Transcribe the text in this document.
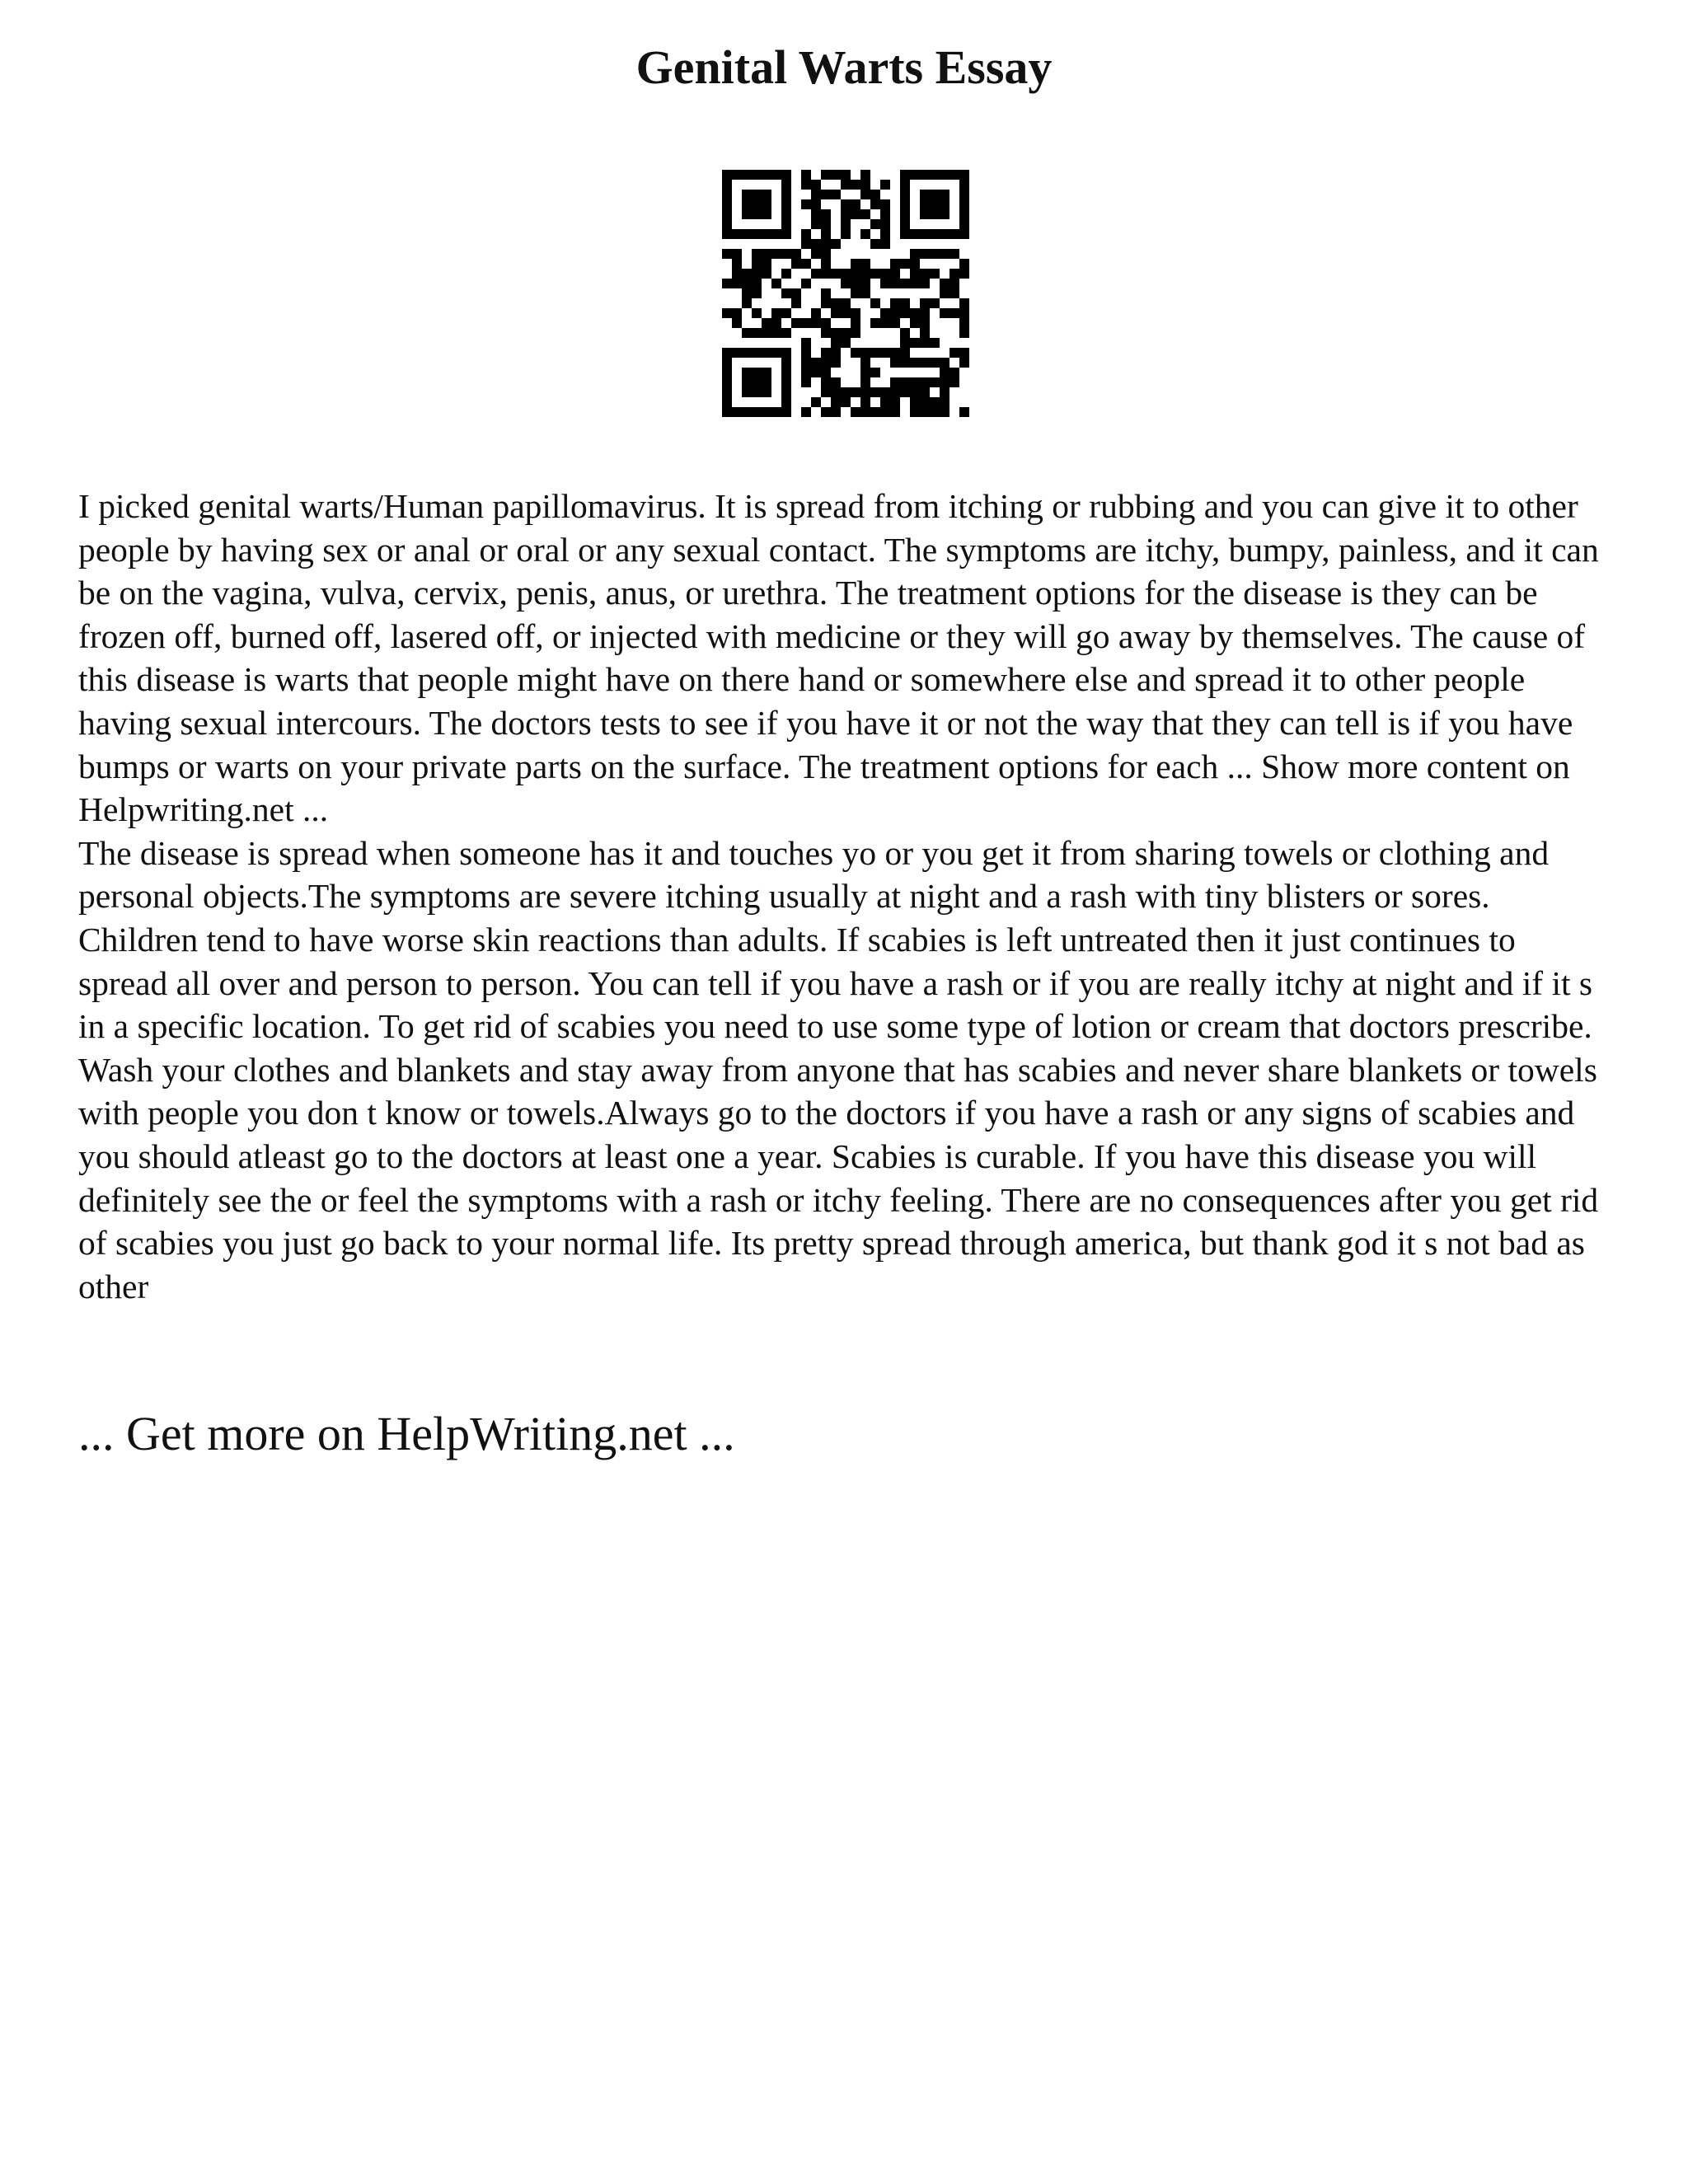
Genital Warts Essay

I picked genital warts/Human papillomavirus. It is spread from itching or rubbing and you can give it to other people by having sex or anal or oral or any sexual contact. The symptoms are itchy, bumpy, painless, and it can be on the vagina, vulva, cervix, penis, anus, or urethra. The treatment options for the disease is they can be frozen off, burned off, lasered off, or injected with medicine or they will go away by themselves. The cause of this disease is warts that people might have on there hand or somewhere else and spread it to other people having sexual intercours. The doctors tests to see if you have it or not the way that they can tell is if you have bumps or warts on your private parts on the surface. The treatment options for each ... Show more content on Helpwriting.net ...

The disease is spread when someone has it and touches yo or you get it from sharing towels or clothing and personal objects.The symptoms are severe itching usually at night and a rash with tiny blisters or sores. Children tend to have worse skin reactions than adults. If scabies is left untreated then it just continues to spread all over and person to person. You can tell if you have a rash or if you are really itchy at night and if it s in a specific location. To get rid of scabies you need to use some type of lotion or cream that doctors prescribe. Wash your clothes and blankets and stay away from anyone that has scabies and never share blankets or towels with people you don t know or towels.Always go to the doctors if you have a rash or any signs of scabies and you should atleast go to the doctors at least one a year. Scabies is curable. If you have this disease you will definitely see the or feel the symptoms with a rash or itchy feeling. There are no consequences after you get rid of scabies you just go back to your normal life. Its pretty spread through america, but thank god it s not bad as other

... Get more on HelpWriting.net ...
